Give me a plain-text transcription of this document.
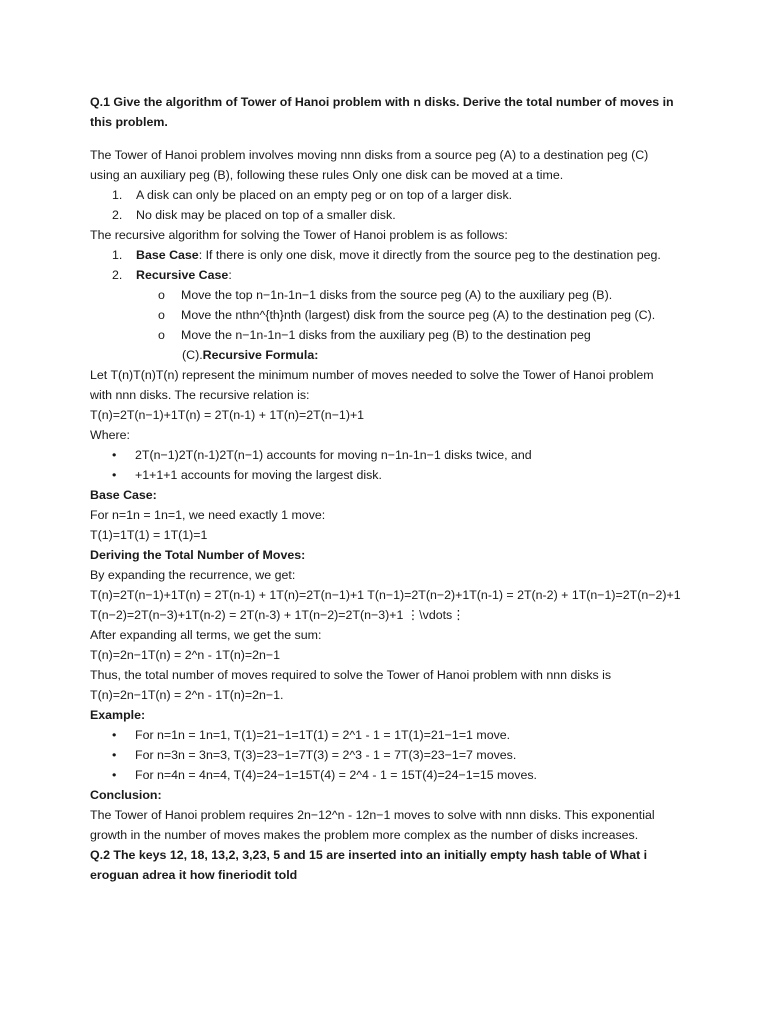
Q.1 Give the algorithm of Tower of Hanoi problem with n disks. Derive the total number of moves in
this problem.
The Tower of Hanoi problem involves moving nnn disks from a source peg (A) to a destination peg (C)
using an auxiliary peg (B), following these rules Only one disk can be moved at a time.
1. A disk can only be placed on an empty peg or on top of a larger disk.
2. No disk may be placed on top of a smaller disk.
The recursive algorithm for solving the Tower of Hanoi problem is as follows:
1. Base Case: If there is only one disk, move it directly from the source peg to the destination peg.
2. Recursive Case:
o Move the top n−1n-1n−1 disks from the source peg (A) to the auxiliary peg (B).
o Move the nthn^{th}nth (largest) disk from the source peg (A) to the destination peg (C).
o Move the n−1n-1n−1 disks from the auxiliary peg (B) to the destination peg
(C).Recursive Formula:
Let T(n)T(n)T(n) represent the minimum number of moves needed to solve the Tower of Hanoi problem
with nnn disks. The recursive relation is:
T(n)=2T(n−1)+1T(n) = 2T(n-1) + 1T(n)=2T(n−1)+1
Where:
• 2T(n−1)2T(n-1)2T(n−1) accounts for moving n−1n-1n−1 disks twice, and
• +1+1+1 accounts for moving the largest disk.
Base Case:
For n=1n = 1n=1, we need exactly 1 move:
T(1)=1T(1) = 1T(1)=1
Deriving the Total Number of Moves:
By expanding the recurrence, we get:
T(n)=2T(n−1)+1T(n) = 2T(n-1) + 1T(n)=2T(n−1)+1 T(n−1)=2T(n−2)+1T(n-1) = 2T(n-2) + 1T(n−1)=2T(n−2)+1
T(n−2)=2T(n−3)+1T(n-2) = 2T(n-3) + 1T(n−2)=2T(n−3)+1 ⋮\vdots⋮
After expanding all terms, we get the sum:
T(n)=2n−1T(n) = 2^n - 1T(n)=2n−1
Thus, the total number of moves required to solve the Tower of Hanoi problem with nnn disks is
T(n)=2n−1T(n) = 2^n - 1T(n)=2n−1.
Example:
• For n=1n = 1n=1, T(1)=21−1=1T(1) = 2^1 - 1 = 1T(1)=21−1=1 move.
• For n=3n = 3n=3, T(3)=23−1=7T(3) = 2^3 - 1 = 7T(3)=23−1=7 moves.
• For n=4n = 4n=4, T(4)=24−1=15T(4) = 2^4 - 1 = 15T(4)=24−1=15 moves.
Conclusion:
The Tower of Hanoi problem requires 2n−12^n - 12n−1 moves to solve with nnn disks. This exponential
growth in the number of moves makes the problem more complex as the number of disks increases.
Q.2 The keys 12, 18, 13,2, 3,23, 5 and 15 are inserted into an initially empty hash table of What i
eroguan adrea it how fineriodit told
